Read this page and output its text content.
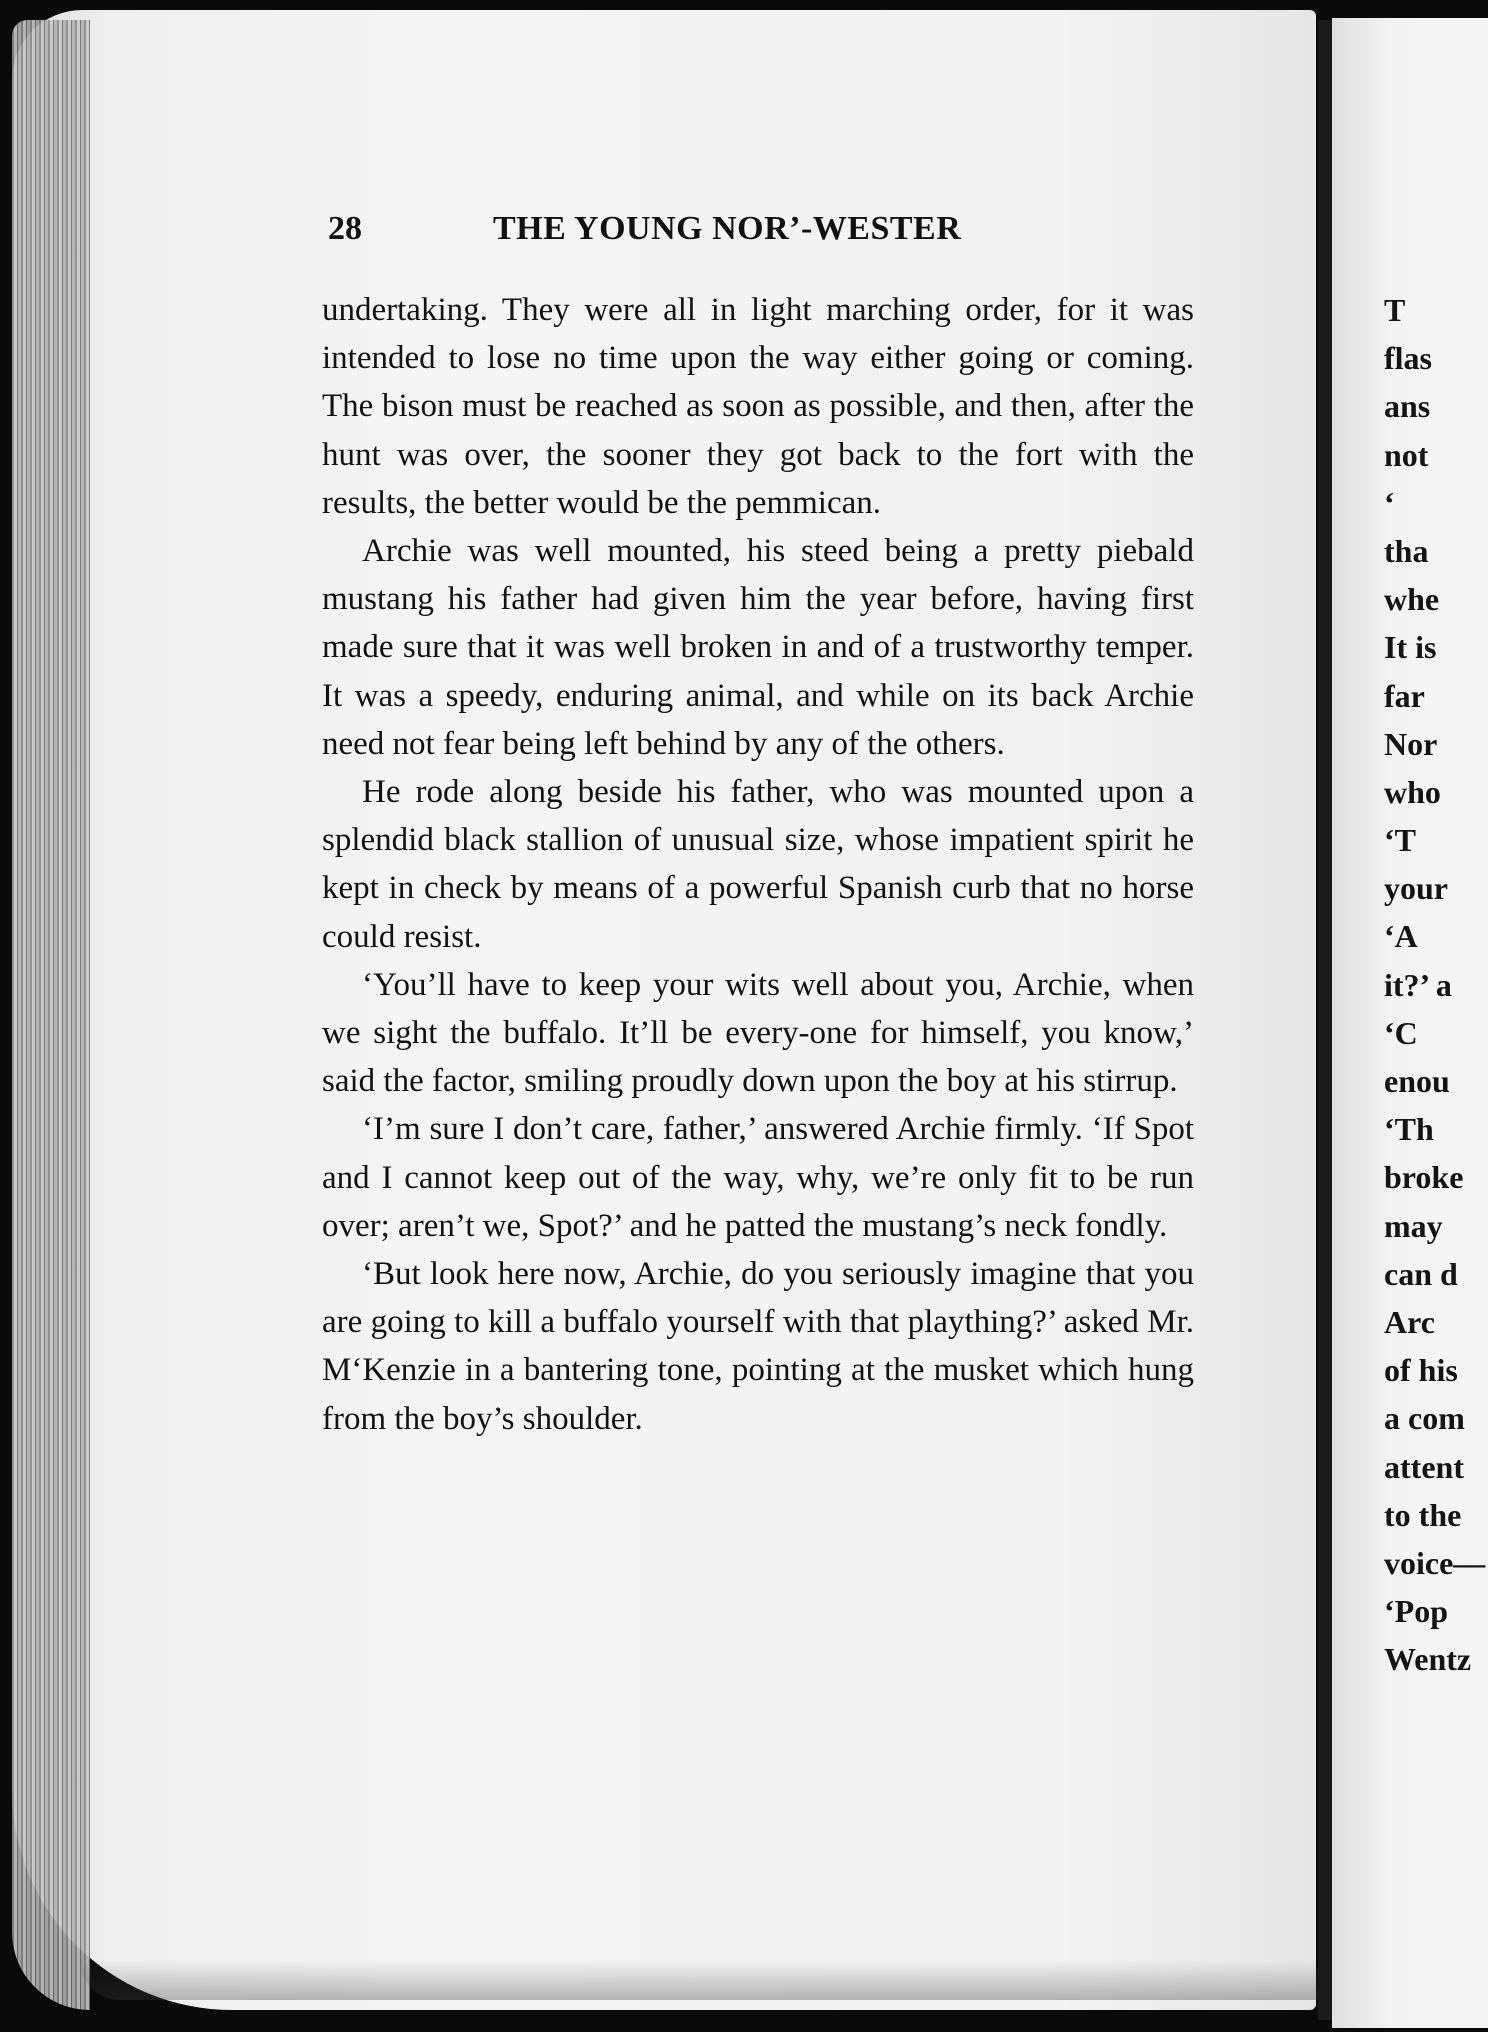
28	THE YOUNG NOR’-WESTER

undertaking. They were all in light marching order, for it was intended to lose no time upon the way either going or coming. The bison must be reached as soon as possible, and then, after the hunt was over, the sooner they got back to the fort with the results, the better would be the pemmican.

Archie was well mounted, his steed being a pretty piebald mustang his father had given him the year before, having first made sure that it was well broken in and of a trustworthy temper. It was a speedy, enduring animal, and while on its back Archie need not fear being left behind by any of the others.

He rode along beside his father, who was mounted upon a splendid black stallion of unusual size, whose impatient spirit he kept in check by means of a powerful Spanish curb that no horse could resist.

‘You’ll have to keep your wits well about you, Archie, when we sight the buffalo. It’ll be every-one for himself, you know,’ said the factor, smiling proudly down upon the boy at his stirrup.

‘I’m sure I don’t care, father,’ answered Archie firmly. ‘If Spot and I cannot keep out of the way, why, we’re only fit to be run over; aren’t we, Spot?’ and he patted the mustang’s neck fondly.

‘But look here now, Archie, do you seriously imagine that you are going to kill a buffalo yourself with that plaything?’ asked Mr. M‘Kenzie in a bantering tone, pointing at the musket which hung from the boy’s shoulder.

T
flas
ans
not
‘
tha
whe
It is
far
Nor
who
‘T
your
‘A
it?’ a
‘C
enou
‘Th
broke
may
can d
Arc
of his
a com
attent
to the
voice—
‘Pop
Wentz
